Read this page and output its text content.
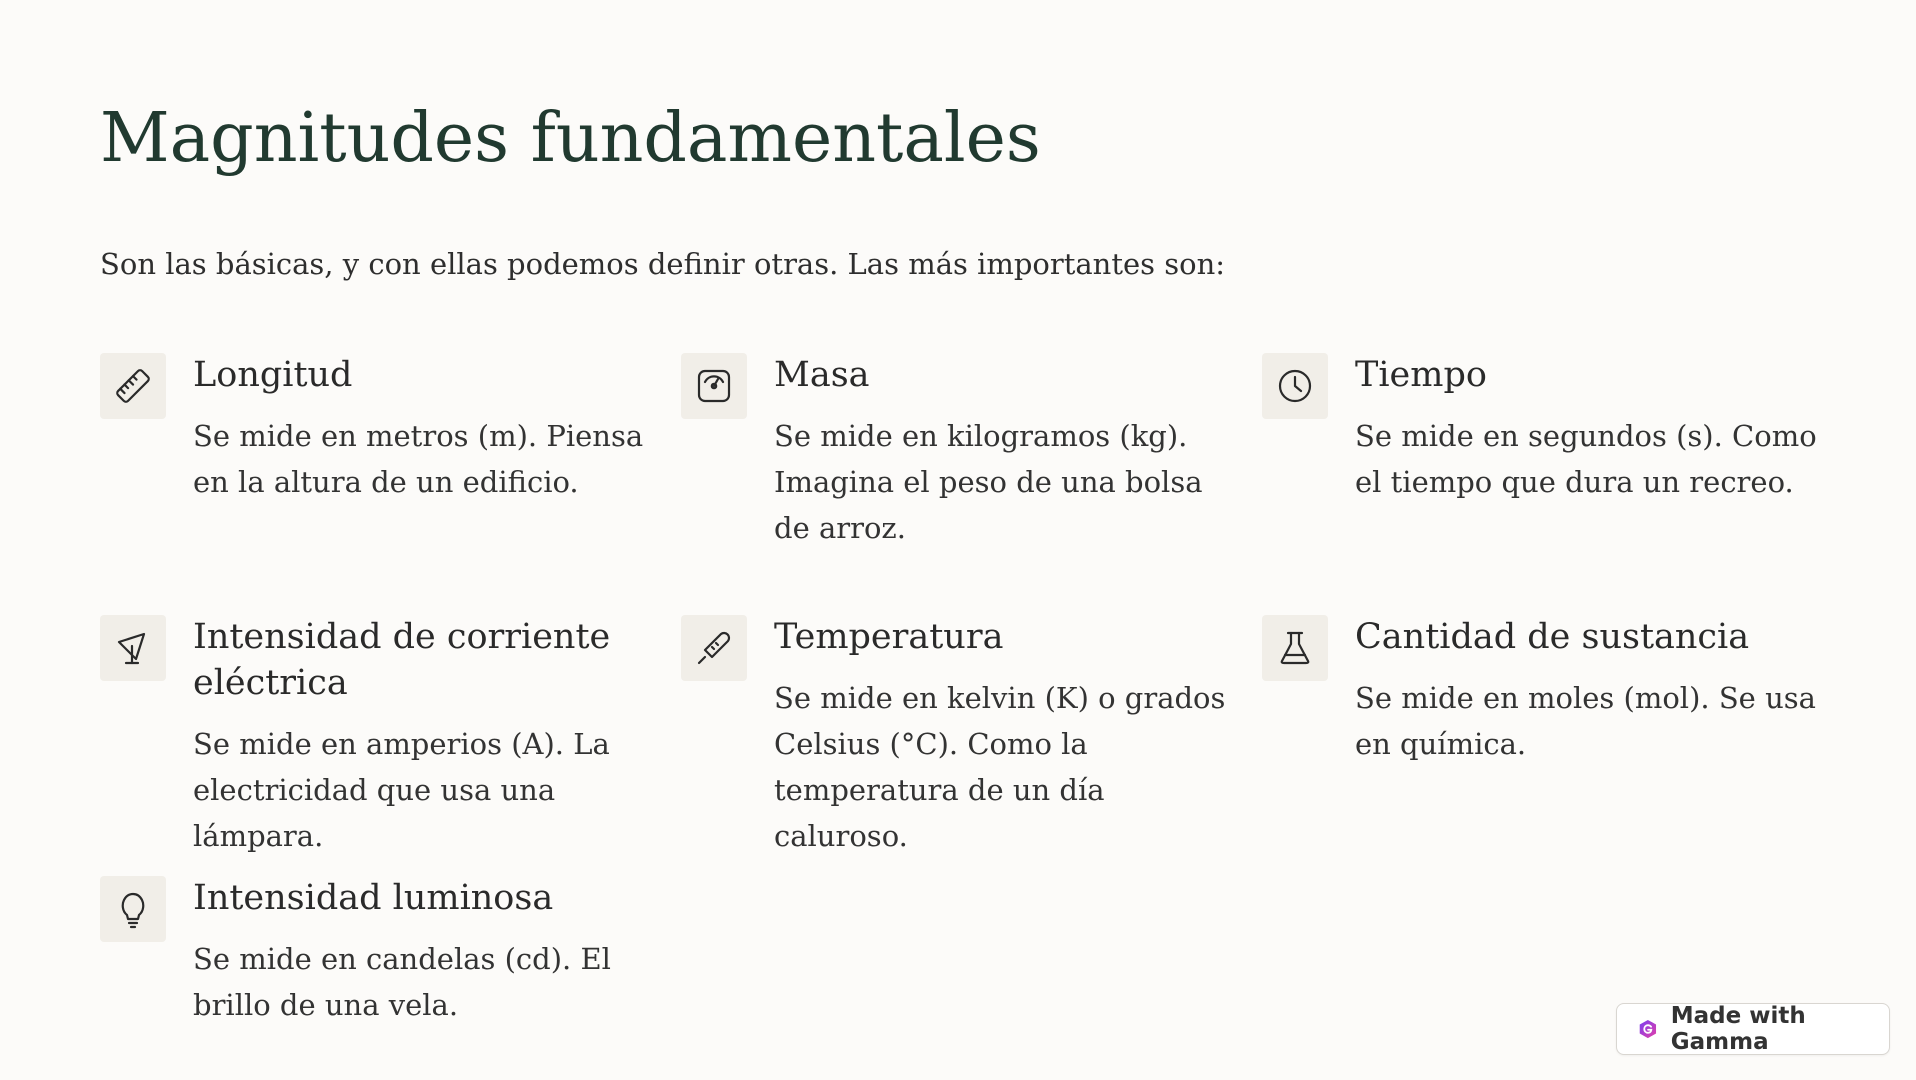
Magnitudes fundamentales

Son las básicas, y con ellas podemos definir otras. Las más importantes son:

Longitud

Se mide en metros (m). Piensa en la altura de un edificio.

Masa

Se mide en kilogramos (kg). Imagina el peso de una bolsa de arroz.

Tiempo

Se mide en segundos (s). Como el tiempo que dura un recreo.

Intensidad de corriente eléctrica

Se mide en amperios (A). La electricidad que usa una lámpara.

Temperatura

Se mide en kelvin (K) o grados Celsius (°C). Como la temperatura de un día caluroso.

Cantidad de sustancia

Se mide en moles (mol). Se usa en química.

Intensidad luminosa

Se mide en candelas (cd). El brillo de una vela.	Made with Gamma
